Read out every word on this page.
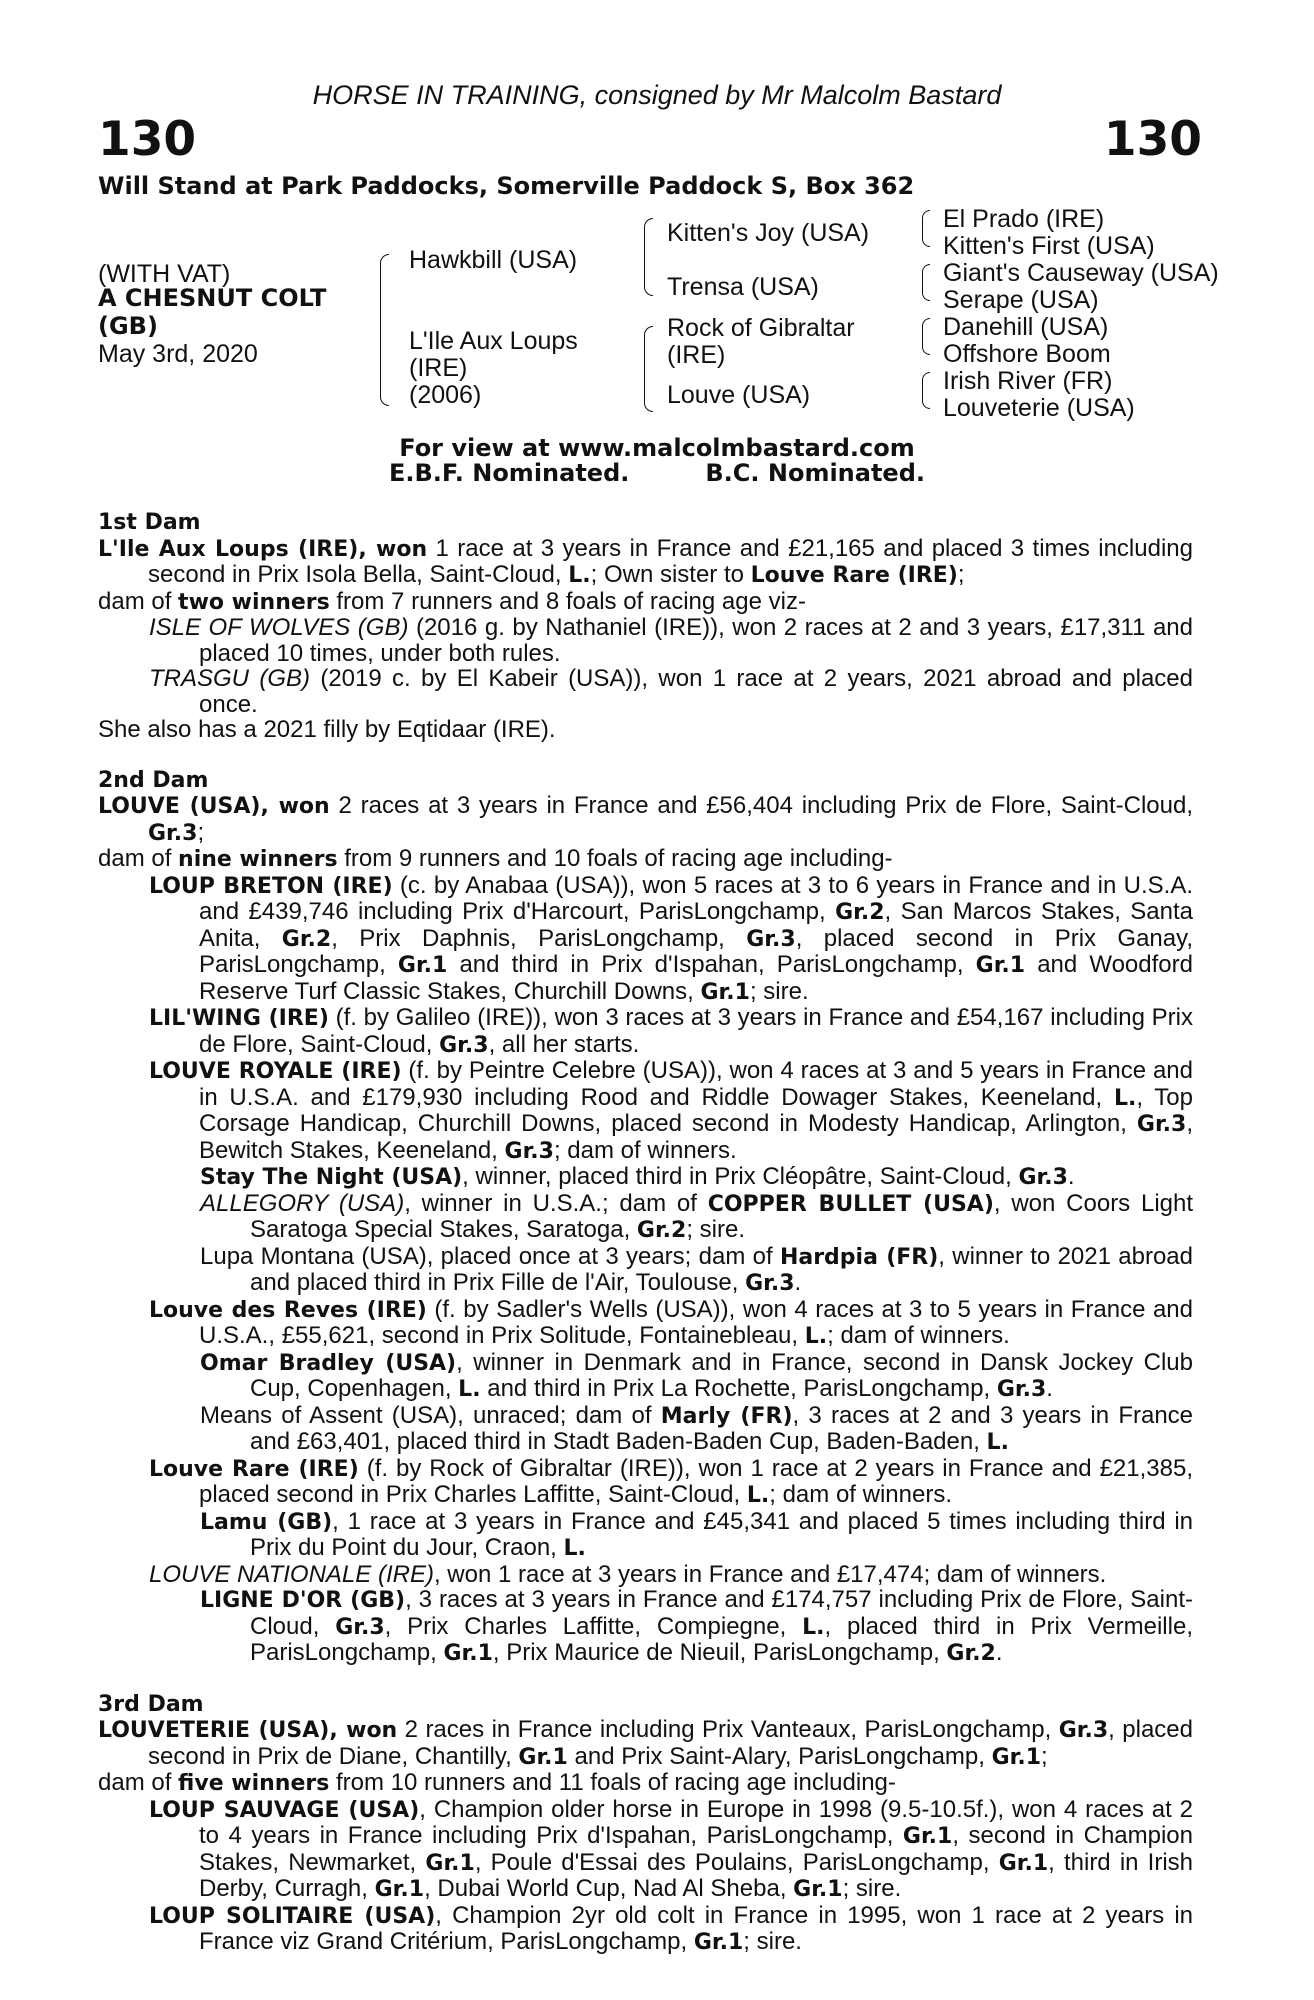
HORSE IN TRAINING, consigned by Mr Malcolm Bastard
130	130
Will Stand at Park Paddocks, Somerville Paddock S, Box 362
(WITH VAT)
A CHESNUT COLT
(GB)
May 3rd, 2020
Hawkbill (USA)
L'Ile Aux Loups
(IRE)
(2006)
Kitten's Joy (USA)
Trensa (USA)
Rock of Gibraltar
(IRE)
Louve (USA)
El Prado (IRE)
Kitten's First (USA)
Giant's Causeway (USA)
Serape (USA)
Danehill (USA)
Offshore Boom
Irish River (FR)
Louveterie (USA)
For view at www.malcolmbastard.com
E.B.F. Nominated.	B.C. Nominated.

1st Dam

L'Ile Aux Loups (IRE), won 1 race at 3 years in France and £21,165 and placed 3 times including second in Prix Isola Bella, Saint-Cloud, L.; Own sister to Louve Rare (IRE);

dam of two winners from 7 runners and 8 foals of racing age viz-

ISLE OF WOLVES (GB) (2016 g. by Nathaniel (IRE)), won 2 races at 2 and 3 years, £17,311 and placed 10 times, under both rules.

TRASGU (GB) (2019 c. by El Kabeir (USA)), won 1 race at 2 years, 2021 abroad and placed once.

She also has a 2021 filly by Eqtidaar (IRE).

2nd Dam

LOUVE (USA), won 2 races at 3 years in France and £56,404 including Prix de Flore, Saint-Cloud, Gr.3;

dam of nine winners from 9 runners and 10 foals of racing age including-

LOUP BRETON (IRE) (c. by Anabaa (USA)), won 5 races at 3 to 6 years in France and in U.S.A. and £439,746 including Prix d'Harcourt, ParisLongchamp, Gr.2, San Marcos Stakes, Santa Anita, Gr.2, Prix Daphnis, ParisLongchamp, Gr.3, placed second in Prix Ganay, ParisLongchamp, Gr.1 and third in Prix d'Ispahan, ParisLongchamp, Gr.1 and Woodford Reserve Turf Classic Stakes, Churchill Downs, Gr.1; sire.

LIL'WING (IRE) (f. by Galileo (IRE)), won 3 races at 3 years in France and £54,167 including Prix de Flore, Saint-Cloud, Gr.3, all her starts.

LOUVE ROYALE (IRE) (f. by Peintre Celebre (USA)), won 4 races at 3 and 5 years in France and in U.S.A. and £179,930 including Rood and Riddle Dowager Stakes, Keeneland, L., Top Corsage Handicap, Churchill Downs, placed second in Modesty Handicap, Arlington, Gr.3, Bewitch Stakes, Keeneland, Gr.3; dam of winners.

Stay The Night (USA), winner, placed third in Prix Cléopâtre, Saint-Cloud, Gr.3.

ALLEGORY (USA), winner in U.S.A.; dam of COPPER BULLET (USA), won Coors Light Saratoga Special Stakes, Saratoga, Gr.2; sire.

Lupa Montana (USA), placed once at 3 years; dam of Hardpia (FR), winner to 2021 abroad and placed third in Prix Fille de l'Air, Toulouse, Gr.3.

Louve des Reves (IRE) (f. by Sadler's Wells (USA)), won 4 races at 3 to 5 years in France and U.S.A., £55,621, second in Prix Solitude, Fontainebleau, L.; dam of winners.

Omar Bradley (USA), winner in Denmark and in France, second in Dansk Jockey Club Cup, Copenhagen, L. and third in Prix La Rochette, ParisLongchamp, Gr.3.

Means of Assent (USA), unraced; dam of Marly (FR), 3 races at 2 and 3 years in France and £63,401, placed third in Stadt Baden-Baden Cup, Baden-Baden, L.

Louve Rare (IRE) (f. by Rock of Gibraltar (IRE)), won 1 race at 2 years in France and £21,385, placed second in Prix Charles Laffitte, Saint-Cloud, L.; dam of winners.

Lamu (GB), 1 race at 3 years in France and £45,341 and placed 5 times including third in Prix du Point du Jour, Craon, L.

LOUVE NATIONALE (IRE), won 1 race at 3 years in France and £17,474; dam of winners.

LIGNE D'OR (GB), 3 races at 3 years in France and £174,757 including Prix de Flore, Saint-Cloud, Gr.3, Prix Charles Laffitte, Compiegne, L., placed third in Prix Vermeille, ParisLongchamp, Gr.1, Prix Maurice de Nieuil, ParisLongchamp, Gr.2.

3rd Dam

LOUVETERIE (USA), won 2 races in France including Prix Vanteaux, ParisLongchamp, Gr.3, placed second in Prix de Diane, Chantilly, Gr.1 and Prix Saint-Alary, ParisLongchamp, Gr.1;

dam of five winners from 10 runners and 11 foals of racing age including-

LOUP SAUVAGE (USA), Champion older horse in Europe in 1998 (9.5-10.5f.), won 4 races at 2 to 4 years in France including Prix d'Ispahan, ParisLongchamp, Gr.1, second in Champion Stakes, Newmarket, Gr.1, Poule d'Essai des Poulains, ParisLongchamp, Gr.1, third in Irish Derby, Curragh, Gr.1, Dubai World Cup, Nad Al Sheba, Gr.1; sire.

LOUP SOLITAIRE (USA), Champion 2yr old colt in France in 1995, won 1 race at 2 years in France viz Grand Critérium, ParisLongchamp, Gr.1; sire.
